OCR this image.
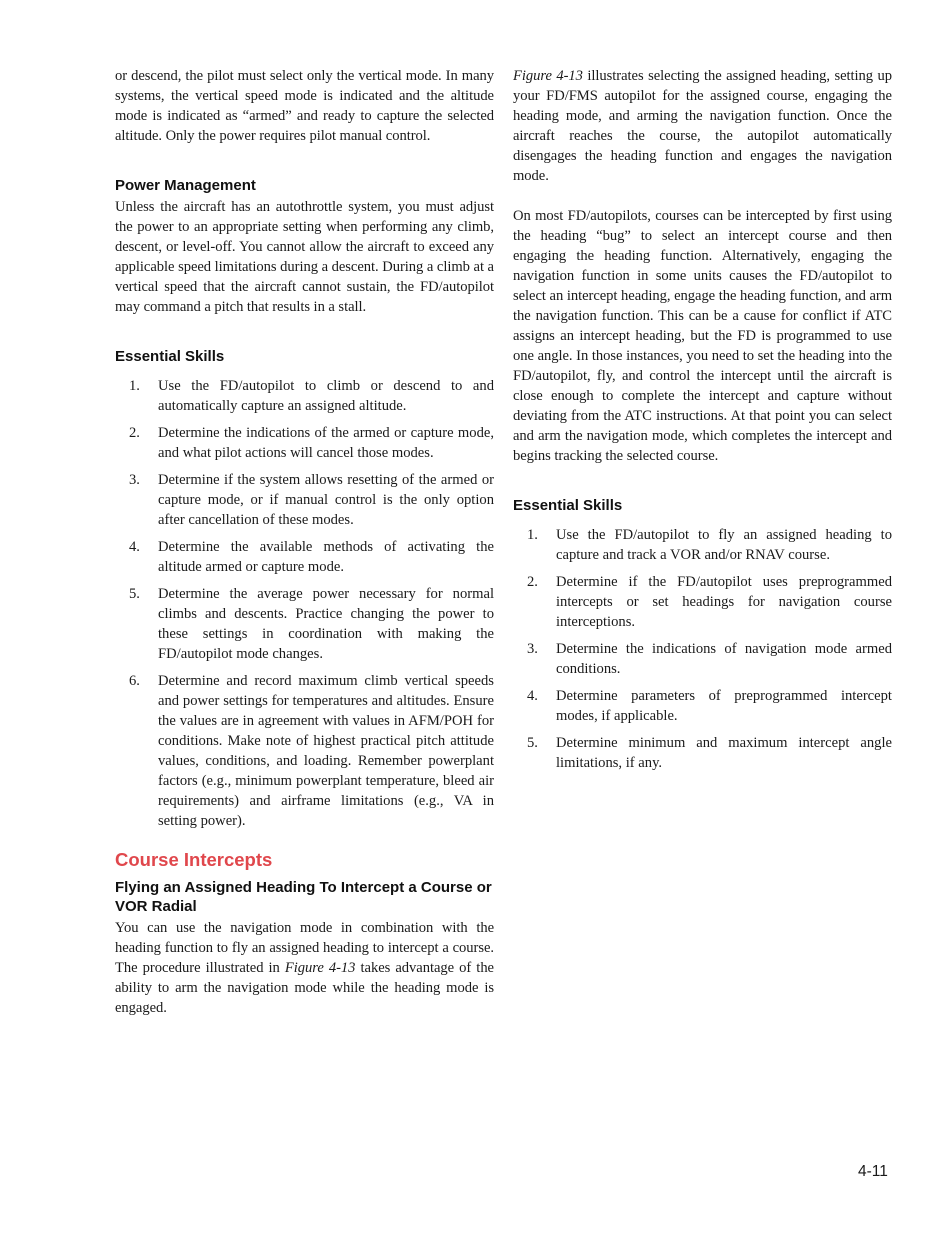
or descend, the pilot must select only the vertical mode. In many systems, the vertical speed mode is indicated and the altitude mode is indicated as “armed” and ready to capture the selected altitude. Only the power requires pilot manual control.

Power Management

Unless the aircraft has an autothrottle system, you must adjust the power to an appropriate setting when performing any climb, descent, or level-off. You cannot allow the aircraft to exceed any applicable speed limitations during a descent. During a climb at a vertical speed that the aircraft cannot sustain, the FD/autopilot may command a pitch that results in a stall.

Essential Skills
1. Use the FD/autopilot to climb or descend to and automatically capture an assigned altitude.
2. Determine the indications of the armed or capture mode, and what pilot actions will cancel those modes.
3. Determine if the system allows resetting of the armed or capture mode, or if manual control is the only option after cancellation of these modes.
4. Determine the available methods of activating the altitude armed or capture mode.
5. Determine the average power necessary for normal climbs and descents. Practice changing the power to these settings in coordination with making the FD/autopilot mode changes.
6. Determine and record maximum climb vertical speeds and power settings for temperatures and altitudes. Ensure the values are in agreement with values in AFM/POH for conditions. Make note of highest practical pitch attitude values, conditions, and loading. Remember powerplant factors (e.g., minimum powerplant temperature, bleed air requirements) and airframe limitations (e.g., VA in setting power).
Course Intercepts
Flying an Assigned Heading To Intercept a Course or VOR Radial

You can use the navigation mode in combination with the heading function to fly an assigned heading to intercept a course. The procedure illustrated in Figure 4-13 takes advantage of the ability to arm the navigation mode while the heading mode is engaged.

Figure 4-13 illustrates selecting the assigned heading, setting up your FD/FMS autopilot for the assigned course, engaging the heading mode, and arming the navigation function. Once the aircraft reaches the course, the autopilot automatically disengages the heading function and engages the navigation mode.

On most FD/autopilots, courses can be intercepted by first using the heading “bug” to select an intercept course and then engaging the heading function. Alternatively, engaging the navigation function in some units causes the FD/autopilot to select an intercept heading, engage the heading function, and arm the navigation function. This can be a cause for conflict if ATC assigns an intercept heading, but the FD is programmed to use one angle. In those instances, you need to set the heading into the FD/autopilot, fly, and control the intercept until the aircraft is close enough to complete the intercept and capture without deviating from the ATC instructions. At that point you can select and arm the navigation mode, which completes the intercept and begins tracking the selected course.

Essential Skills
1. Use the FD/autopilot to fly an assigned heading to capture and track a VOR and/or RNAV course.
2. Determine if the FD/autopilot uses preprogrammed intercepts or set headings for navigation course interceptions.
3. Determine the indications of navigation mode armed conditions.
4. Determine parameters of preprogrammed intercept modes, if applicable.
5. Determine minimum and maximum intercept angle limitations, if any.
4-11
